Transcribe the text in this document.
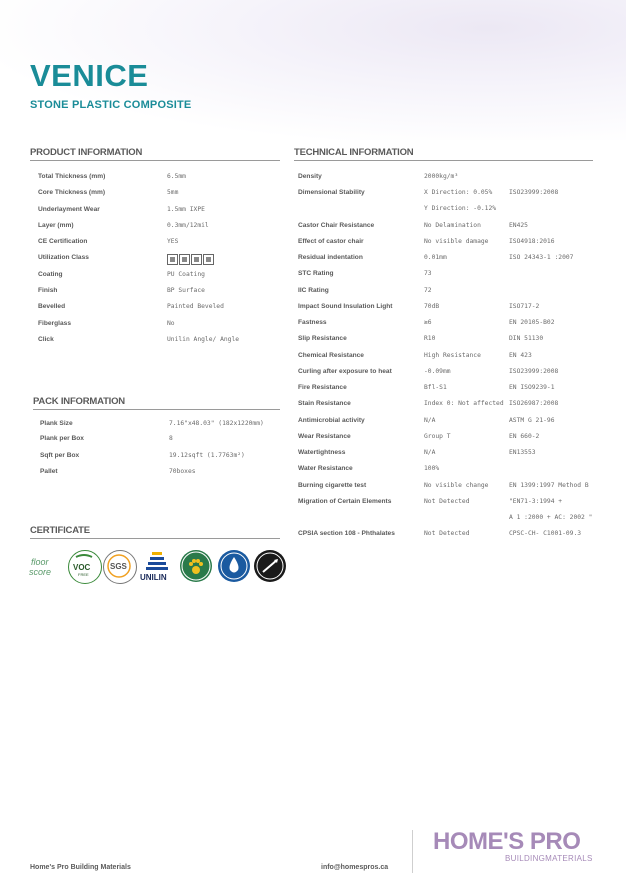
VENICE
STONE PLASTIC COMPOSITE
PRODUCT INFORMATION
Total Thickness (mm)	6.5mm
Core Thickness (mm)	5mm
Underlayment Wear	1.5mm IXPE
Layer (mm)	0.3mm/12mil
CE Certification	YES
Utilization Class
Coating	PU Coating
Finish	BP Surface
Bevelled	Painted Beveled
Fiberglass	No
Click	Unilin Angle/ Angle
PACK INFORMATION
Plank Size	7.16"x48.03" (182x1220mm)
Plank per Box	8
Sqft per Box	19.12sqft (1.7763m²)
Pallet	70boxes
CERTIFICATE
floor
score	VOC
FREE
SGS
UNILIN
TECHNICAL INFORMATION
Density	2000kg/m³
Dimensional Stability	X Direction: 0.05%	ISO23999:2008
Y Direction: -0.12%
Castor Chair Resistance	No Delamination	EN425
Effect of castor chair	No visible damage	ISO4918:2016
Residual indentation	0.01mm	ISO 24343-1 :2007
STC Rating	73
IIC Rating	72
Impact Sound Insulation Light	70dB	ISO717-2
Fastness	≥6	EN 20105-B02
Slip Resistance	R10	DIN 51130
Chemical Resistance	High Resistance	EN 423
Curling after exposure to heat	-0.09mm	ISO23999:2008
Fire Resistance	Bfl-S1	EN ISO9239-1
Stain Resistance	Index 0: Not affected ISO26987:2008
Antimicrobial activity	N/A	ASTM G 21-96
Wear Resistance	Group T	EN 660-2
Watertightness	N/A	EN13553
Water Resistance	100%
Burning cigarette test	No visible change	EN 1399:1997 Method B
Migration of Certain Elements	Not Detected	"EN71-3:1994 +
A 1 :2000 + AC: 2002 "
CPSIA section 108 - Phthalates	Not Detected	CPSC-CH- C1001-09.3
Home's Pro Building Materials	info@homespros.ca
HOME'S PRO
BUILDINGMATERIALS
